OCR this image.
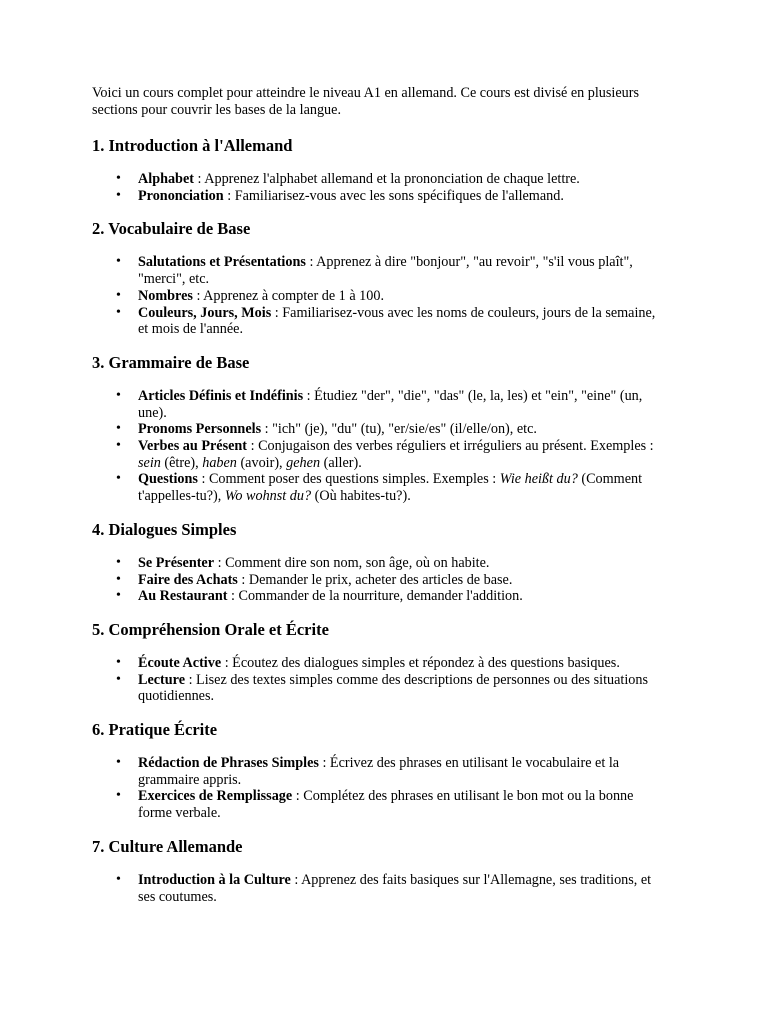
Voici un cours complet pour atteindre le niveau A1 en allemand. Ce cours est divisé en plusieurs sections pour couvrir les bases de la langue.

1. Introduction à l'Allemand
• Alphabet : Apprenez l'alphabet allemand et la prononciation de chaque lettre.
• Prononciation : Familiarisez-vous avec les sons spécifiques de l'allemand.
2. Vocabulaire de Base
• Salutations et Présentations : Apprenez à dire "bonjour", "au revoir", "s'il vous plaît", "merci", etc.
• Nombres : Apprenez à compter de 1 à 100.
• Couleurs, Jours, Mois : Familiarisez-vous avec les noms de couleurs, jours de la semaine, et mois de l'année.
3. Grammaire de Base
• Articles Définis et Indéfinis : Étudiez "der", "die", "das" (le, la, les) et "ein", "eine" (un, une).
• Pronoms Personnels : "ich" (je), "du" (tu), "er/sie/es" (il/elle/on), etc.
• Verbes au Présent : Conjugaison des verbes réguliers et irréguliers au présent. Exemples : sein (être), haben (avoir), gehen (aller).
• Questions : Comment poser des questions simples. Exemples : Wie heißt du? (Comment t'appelles-tu?), Wo wohnst du? (Où habites-tu?).
4. Dialogues Simples
• Se Présenter : Comment dire son nom, son âge, où on habite.
• Faire des Achats : Demander le prix, acheter des articles de base.
• Au Restaurant : Commander de la nourriture, demander l'addition.
5. Compréhension Orale et Écrite
• Écoute Active : Écoutez des dialogues simples et répondez à des questions basiques.
• Lecture : Lisez des textes simples comme des descriptions de personnes ou des situations quotidiennes.
6. Pratique Écrite
• Rédaction de Phrases Simples : Écrivez des phrases en utilisant le vocabulaire et la grammaire appris.
• Exercices de Remplissage : Complétez des phrases en utilisant le bon mot ou la bonne forme verbale.
7. Culture Allemande
• Introduction à la Culture : Apprenez des faits basiques sur l'Allemagne, ses traditions, et ses coutumes.
